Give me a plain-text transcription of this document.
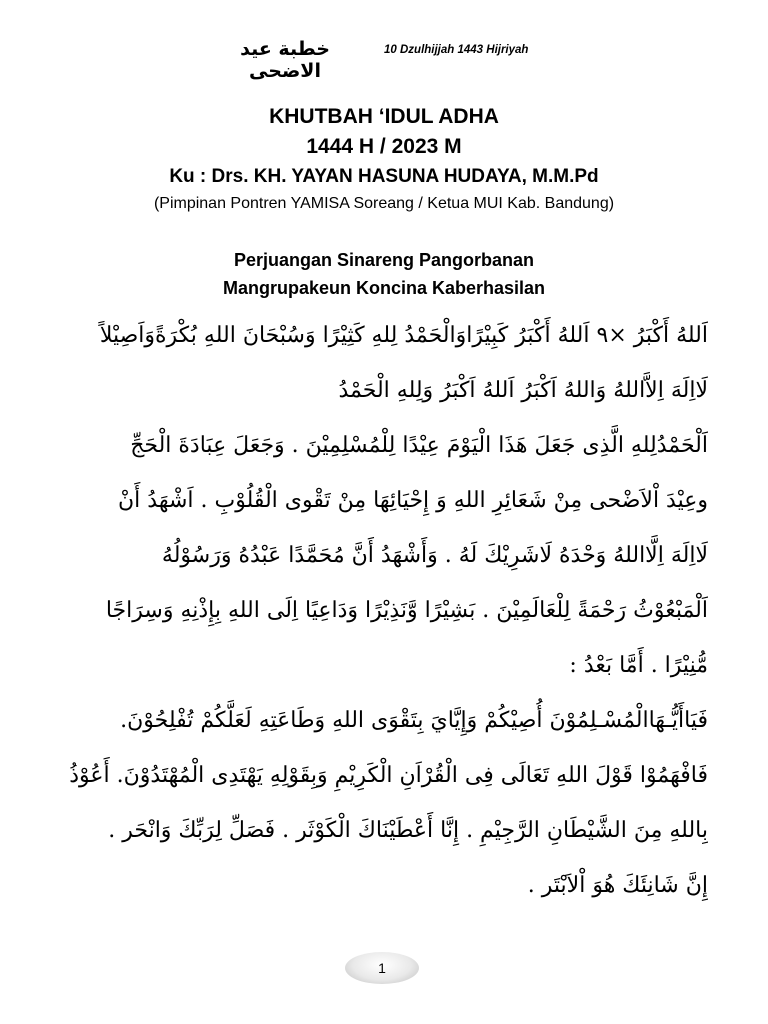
خطبة عيد الاضحى
10 Dzulhijjah 1443 Hijriyah
KHUTBAH ‘IDUL ADHA
1444 H / 2023 M
Ku : Drs. KH. YAYAN HASUNA HUDAYA, M.M.Pd
(Pimpinan Pontren YAMISA Soreang / Ketua MUI Kab. Bandung)
Perjuangan Sinareng Pangorbanan
Mangrupakeun Koncina Kaberhasilan
اَللهُ أَكْبَرُ ×٩ اَللهُ أَكْبَرُ كَبِيْرًاوَالْحَمْدُ لِلهِ كَثِيْرًا وَسُبْحَانَ اللهِ بُكْرَةًوَاَصِيْلاً
لَااِلَهَ اِلاَّاللهُ وَاللهُ اَكْبَرُ اَللهُ اَكْبَرُ وَلِلهِ الْحَمْدُ
اَلْحَمْدُلِلهِ الَّذِى جَعَلَ هَذَا الْيَوْمَ عِيْدًا لِلْمُسْلِمِيْنَ . وَجَعَلَ عِبَادَةَ الْحَجِّ
وعِيْدَ اْلاَضْحى مِنْ شَعَائِرِ اللهِ وَ إِحْيَائِهَا مِنْ تَقْوى الْقُلُوْبِ . اَشْهَدُ أَنْ
لَااِلَهَ اِلَّااللهُ وَحْدَهُ لَاشَرِيْكَ لَهُ . وَأَشْهَدُ أَنَّ مُحَمَّدًا عَبْدُهُ وَرَسُوْلُهُ
اَلْمَبْعُوْثُ رَحْمَةً لِلْعَالَمِيْنَ . بَشِيْرًا وَّنَذِيْرًا وَدَاعِيًا اِلَى اللهِ بِإِذْنِهِ وَسِرَاجًا
مُّنِيْرًا . أَمَّا بَعْدُ :
فَيَاأَيُّـهَاالْمُسْـلِمُوْنَ أُصِيْكُمْ وَإِيَّايَ بِتَقْوَى اللهِ وَطَاعَتِهِ لَعَلَّكُمْ تُفْلِحُوْنَ.
فَافْهَمُوْا قَوْلَ اللهِ تَعَالَى فِى الْقُرْاَنِ الْكَرِيْمِ وَبِقَوْلِهِ يَهْتَدِى الْمُهْتَدُوْنَ. أَعُوْذُ
بِاللهِ مِنَ الشَّيْطَانِ الرَّجِيْمِ . إِنَّا أَعْطَيْنَاكَ الْكَوْثَر . فَصَلِّ لِرَبِّكَ وَانْحَر .
إِنَّ شَانِئَكَ هُوَ اْلاَبْتَر .
1
